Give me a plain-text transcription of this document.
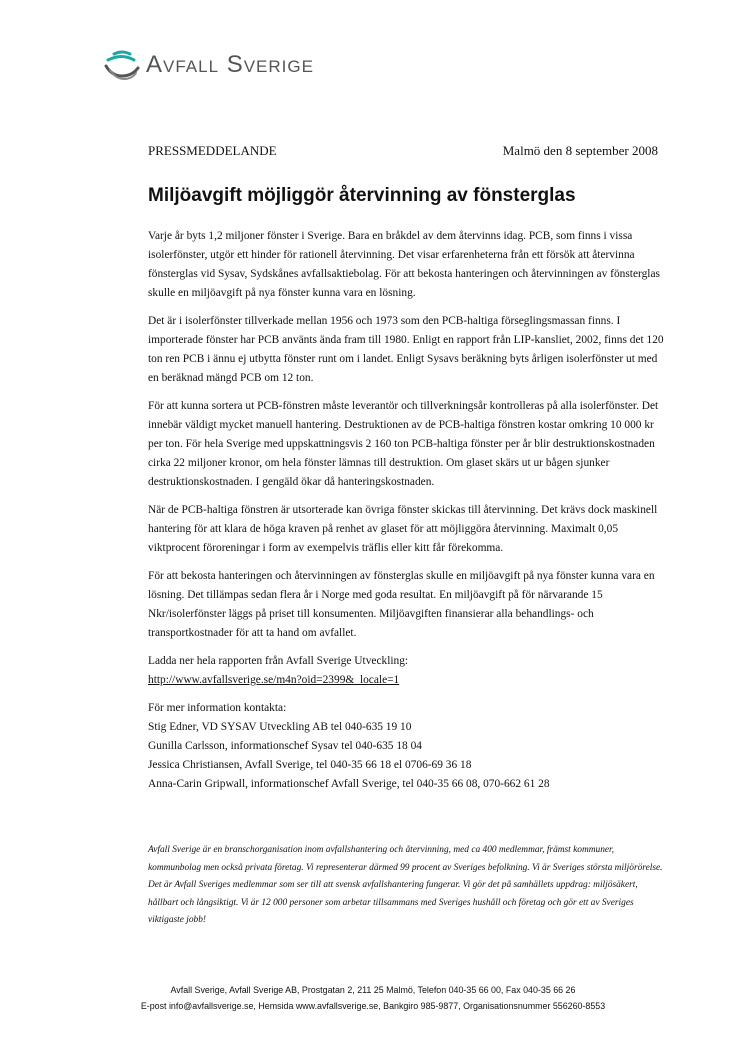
Avfall Sverige
PRESSMEDDELANDE	Malmö den 8 september 2008
Miljöavgift möjliggör återvinning av fönsterglas

Varje år byts 1,2 miljoner fönster i Sverige. Bara en bråkdel av dem återvinns idag. PCB, som finns i vissa isolerfönster, utgör ett hinder för rationell återvinning. Det visar erfarenheterna från ett försök att återvinna fönsterglas vid Sysav, Sydskånes avfallsaktiebolag. För att bekosta hanteringen och återvinningen av fönsterglas skulle en miljöavgift på nya fönster kunna vara en lösning.

Det är i isolerfönster tillverkade mellan 1956 och 1973 som den PCB-haltiga förseglingsmassan finns. I importerade fönster har PCB använts ända fram till 1980. Enligt en rapport från LIP-kansliet, 2002, finns det 120 ton ren PCB i ännu ej utbytta fönster runt om i landet. Enligt Sysavs beräkning byts årligen isolerfönster ut med en beräknad mängd PCB om 12 ton.

För att kunna sortera ut PCB-fönstren måste leverantör och tillverkningsår kontrolleras på alla isolerfönster. Det innebär väldigt mycket manuell hantering. Destruktionen av de PCB-haltiga fönstren kostar omkring 10 000 kr per ton. För hela Sverige med uppskattningsvis 2 160 ton PCB-haltiga fönster per år blir destruktionskostnaden cirka 22 miljoner kronor, om hela fönster lämnas till destruktion. Om glaset skärs ut ur bågen sjunker destruktionskostnaden. I gengäld ökar då hanteringskostnaden.

När de PCB-haltiga fönstren är utsorterade kan övriga fönster skickas till återvinning. Det krävs dock maskinell hantering för att klara de höga kraven på renhet av glaset för att möjliggöra återvinning. Maximalt 0,05 viktprocent föroreningar i form av exempelvis träflis eller kitt får förekomma.

För att bekosta hanteringen och återvinningen av fönsterglas skulle en miljöavgift på nya fönster kunna vara en lösning. Det tillämpas sedan flera år i Norge med goda resultat. En miljöavgift på för närvarande 15 Nkr/isolerfönster läggs på priset till konsumenten. Miljöavgiften finansierar alla behandlings- och transportkostnader för att ta hand om avfallet.

Ladda ner hela rapporten från Avfall Sverige Utveckling:
http://www.avfallsverige.se/m4n?oid=2399&_locale=1

För mer information kontakta:

Stig Edner, VD SYSAV Utveckling AB tel 040-635 19 10

Gunilla Carlsson, informationschef Sysav tel 040-635 18 04

Jessica Christiansen, Avfall Sverige, tel 040-35 66 18 el 0706-69 36 18

Anna-Carin Gripwall, informationschef Avfall Sverige, tel 040-35 66 08, 070-662 61 28

Avfall Sverige är en branschorganisation inom avfallshantering och återvinning, med ca 400 medlemmar, främst kommuner, kommunbolag men också privata företag. Vi representerar därmed 99 procent av Sveriges befolkning. Vi är Sveriges största miljörörelse. Det är Avfall Sveriges medlemmar som ser till att svensk avfallshantering fungerar. Vi gör det på samhällets uppdrag: miljösäkert, hållbart och långsiktigt. Vi är 12 000 personer som arbetar tillsammans med Sveriges hushåll och företag och gör ett av Sveriges viktigaste jobb!
Avfall Sverige, Avfall Sverige AB, Prostgatan 2, 211 25 Malmö, Telefon 040-35 66 00, Fax 040-35 66 26
E-post info@avfallsverige.se, Hemsida www.avfallsverige.se, Bankgiro 985-9877, Organisationsnummer 556260-8553
